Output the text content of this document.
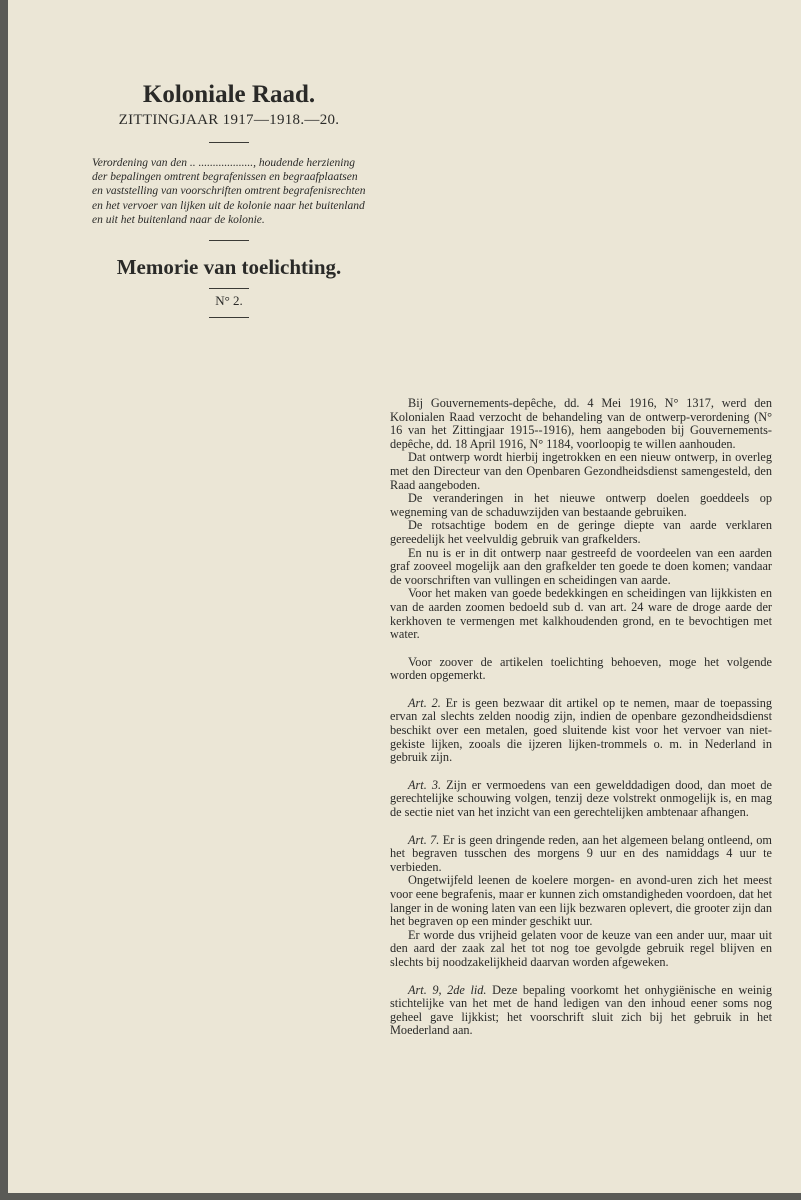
Koloniale Raad.
ZITTINGJAAR 1917—1918.—20.

Verordening van den .. ..................., houdende herziening der bepalingen omtrent begrafenissen en begraafplaatsen en vaststelling van voorschriften omtrent begrafenisrechten en het vervoer van lijken uit de kolonie naar het buitenland en uit het buitenland naar de kolonie.

Memorie van toelichting.
N° 2.

Bij Gouvernements-depêche, dd. 4 Mei 1916, N° 1317, werd den Kolonialen Raad verzocht de behandeling van de ontwerp-verordening (N° 16 van het Zittingjaar 1915--1916), hem aangeboden bij Gouvernements-depêche, dd. 18 April 1916, N° 1184, voorloopig te willen aanhouden.

Dat ontwerp wordt hierbij ingetrokken en een nieuw ontwerp, in overleg met den Directeur van den Openbaren Gezondheidsdienst samengesteld, den Raad aangeboden.

De veranderingen in het nieuwe ontwerp doelen goeddeels op wegneming van de schaduwzijden van bestaande gebruiken.

De rotsachtige bodem en de geringe diepte van aarde verklaren gereedelijk het veelvuldig gebruik van grafkelders.

En nu is er in dit ontwerp naar gestreefd de voordeelen van een aarden graf zooveel mogelijk aan den grafkelder ten goede te doen komen; vandaar de voorschriften van vullingen en scheidingen van aarde.

Voor het maken van goede bedekkingen en scheidingen van lijkkisten en van de aarden zoomen bedoeld sub d. van art. 24 ware de droge aarde der kerkhoven te vermengen met kalkhoudenden grond, en te bevochtigen met water.

Voor zoover de artikelen toelichting behoeven, moge het volgende worden opgemerkt.

Art. 2. Er is geen bezwaar dit artikel op te nemen, maar de toepassing ervan zal slechts zelden noodig zijn, indien de openbare gezondheidsdienst beschikt over een metalen, goed sluitende kist voor het vervoer van niet-gekiste lijken, zooals die ijzeren lijken-trommels o. m. in Nederland in gebruik zijn.

Art. 3. Zijn er vermoedens van een gewelddadigen dood, dan moet de gerechtelijke schouwing volgen, tenzij deze volstrekt onmogelijk is, en mag de sectie niet van het inzicht van een gerechtelijken ambtenaar afhangen.

Art. 7. Er is geen dringende reden, aan het algemeen belang ontleend, om het begraven tusschen des morgens 9 uur en des namiddags 4 uur te verbieden.

Ongetwijfeld leenen de koelere morgen- en avond-uren zich het meest voor eene begrafenis, maar er kunnen zich omstandigheden voordoen, dat het langer in de woning laten van een lijk bezwaren oplevert, die grooter zijn dan het begraven op een minder geschikt uur.

Er worde dus vrijheid gelaten voor de keuze van een ander uur, maar uit den aard der zaak zal het tot nog toe gevolgde gebruik regel blijven en slechts bij noodzakelijkheid daarvan worden afgeweken.

Art. 9, 2de lid. Deze bepaling voorkomt het onhygiënische en weinig stichtelijke van het met de hand ledigen van den inhoud eener soms nog geheel gave lijkkist; het voorschrift sluit zich bij het gebruik in het Moederland aan.
